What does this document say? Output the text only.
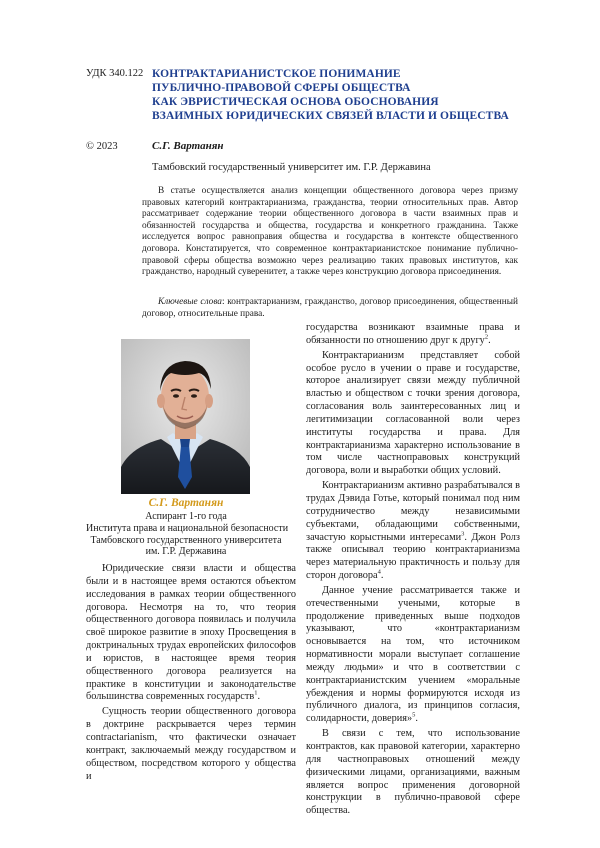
УДК 340.122 КОНТРАКТАРИАНИСТСКОЕ ПОНИМАНИЕ
ПУБЛИЧНО-ПРАВОВОЙ СФЕРЫ ОБЩЕСТВА
КАК ЭВРИСТИЧЕСКАЯ ОСНОВА ОБОСНОВАНИЯ
ВЗАИМНЫХ ЮРИДИЧЕСКИХ СВЯЗЕЙ ВЛАСТИ И ОБЩЕСТВА
© 2023	С.Г. Вартанян
Тамбовский государственный университет им. Г.Р. Державина
В статье осуществляется анализ концепции общественного договора через призму правовых категорий контрактарианизма, гражданства, теории относительных прав. Автор рассматривает содержание теории общественного договора в части взаимных прав и обязанностей государства и общества, государства и конкретного гражданина. Также исследуется вопрос равноправия общества и государства в контексте общественного договора. Констатируется, что современное контрактарианистское понимание публично-правовой сферы общества возможно через реализацию таких правовых институтов, как гражданство, народный суверенитет, а также через конструкцию договора присоединения.
Ключевые слова: контрактарианизм, гражданство, договор присоединения, общественный договор, относительные права.
С.Г. Вартанян
Аспирант 1-го года
Института права и национальной безопасности
Тамбовского государственного университета
им. Г.Р. Державина

Юридические связи власти и общества были и в настоящее время остаются объектом исследования в рамках теории общественного договора. Несмотря на то, что теория общественного договора появилась и получила своё широкое развитие в эпоху Просвещения в доктринальных трудах европейских философов и юристов, в настоящее время теория общественного договора реализуется на практике в конституции и законодательстве большинства современных государств$^1$.

Сущность теории общественного договора в доктрине раскрывается через термин contractarianism, что фактически означает контракт, заключаемый между государством и обществом, посредством которого у общества и

государства возникают взаимные права и обязанности по отношению друг к другу$^2$.

Контрактарианизм представляет собой особое русло в учении о праве и государстве, которое анализирует связи между публичной властью и обществом с точки зрения договора, согласования воль заинтересованных лиц и легитимизации согласованной воли через институты государства и права. Для контрактарианизма характерно использование в том числе частноправовых конструкций договора, воли и выработки общих условий.

Контрактарианизм активно разрабатывался в трудах Дэвида Готье, который понимал под ним сотрудничество между независимыми субъектами, обладающими собственными, зачастую корыстными интересами$^3$. Джон Ролз также описывал теорию контрактарианизма через материальную практичность и пользу для сторон договора$^4$.

Данное учение рассматривается также и отечественными учеными, которые в продолжение приведенных выше подходов указывают, что «контрактарианизм основывается на том, что источником нормативности морали выступает соглашение между людьми» и что в соответствии с контрактарианистским учением «моральные убеждения и нормы формируются исходя из публичного диалога, из принципов согласия, солидарности, доверия»$^5$.

В связи с тем, что использование контрактов, как правовой категории, характерно для частноправовых отношений между физическими лицами, организациями, важным является вопрос применения договорной конструкции в публично-правовой сфере общества.
